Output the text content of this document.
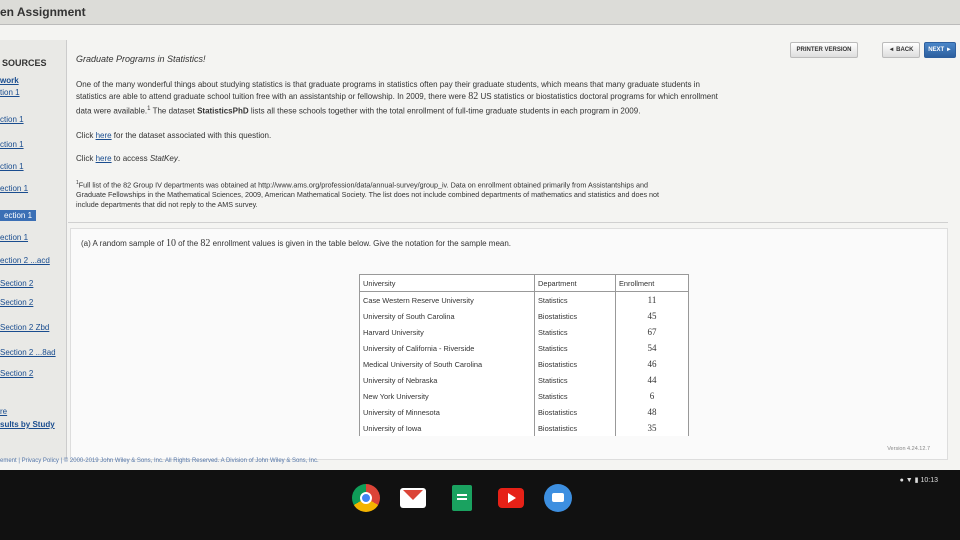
en Assignment
SOURCES
work
tion 1
ction 1
ction 1
ction 1
ection 1
ection 1
ection 1
ection 2 ...acd
Section 2
Section 2
Section 2 Zbd
Section 2 ...8ad
Section 2
re
sults by Study
PRINTER VERSION	◄ BACK	NEXT ►
Graduate Programs in Statistics!
One of the many wonderful things about studying statistics is that graduate programs in statistics often pay their graduate students, which means that many graduate students in
statistics are able to attend graduate school tuition free with an assistantship or fellowship. In 2009, there were 82 US statistics or biostatistics doctoral programs for which enrollment
data were available.$^1$ The dataset StatisticsPhD lists all these schools together with the total enrollment of full-time graduate students in each program in 2009.
Click here for the dataset associated with this question.
Click here to access StatKey.
$^1$Full list of the 82 Group IV departments was obtained at http://www.ams.org/profession/data/annual-survey/group_iv. Data on enrollment obtained primarily from Assistantships and
Graduate Fellowships in the Mathematical Sciences, 2009, American Mathematical Society. The list does not include combined departments of mathematics and statistics and does not
include departments that did not reply to the AMS survey.
(a) A random sample of 10 of the 82 enrollment values is given in the table below. Give the notation for the sample mean.
University	Department	Enrollment
Case Western Reserve University	Statistics	11
University of South Carolina	Biostatistics	45
Harvard University	Statistics	67
University of California - Riverside	Statistics	54
Medical University of South Carolina	Biostatistics	46
University of Nebraska	Statistics	44
New York University	Statistics	6
University of Minnesota	Biostatistics	48
University of Iowa	Biostatistics	35
Version 4.24.12.7
ement | Privacy Policy | © 2000-2019 John Wiley & Sons, Inc. All Rights Reserved. A Division of John Wiley & Sons, Inc.
● ▼ ▮ 10:13
